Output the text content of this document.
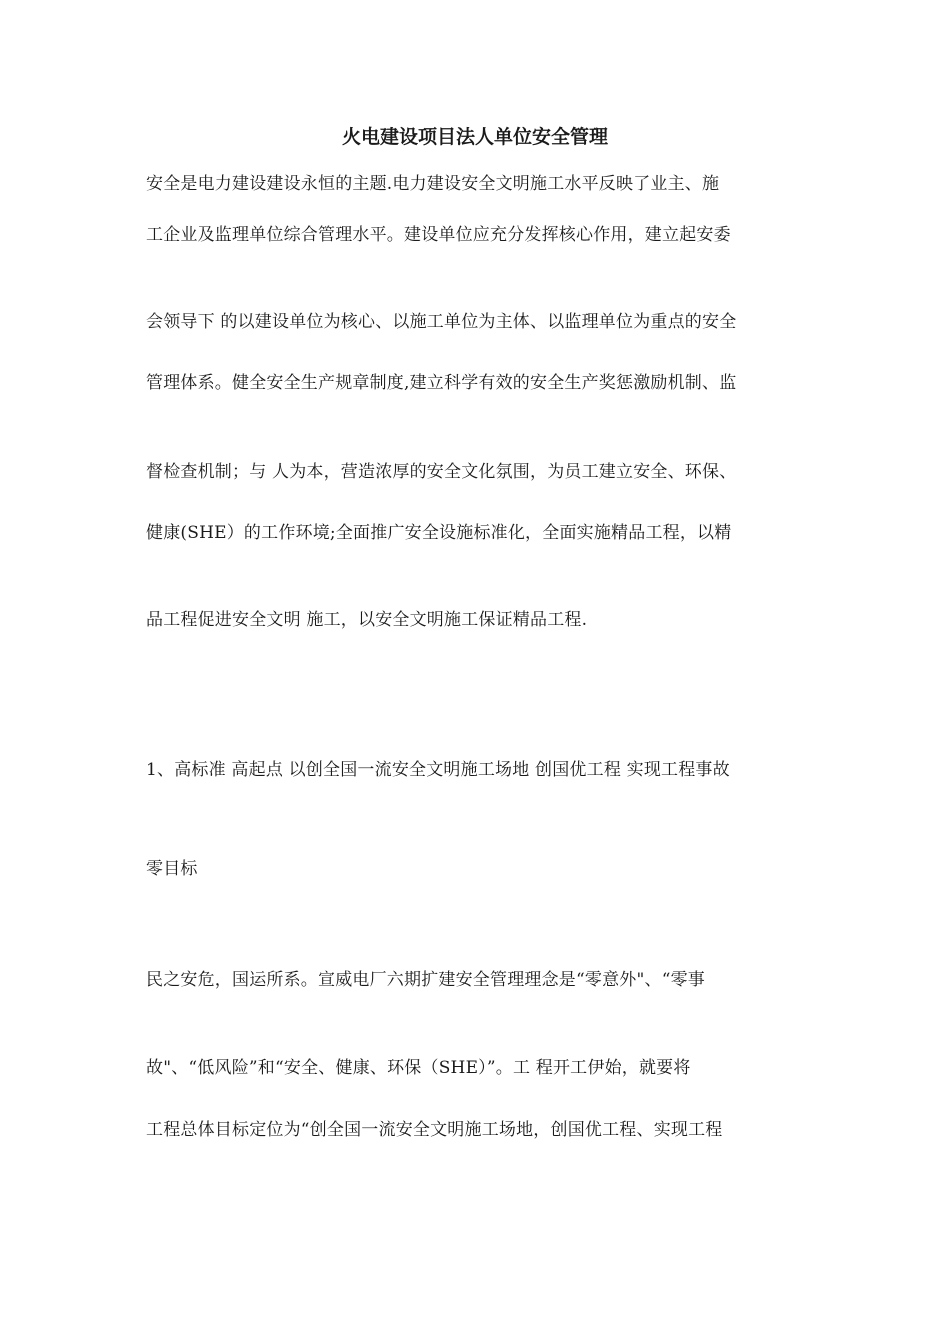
火电建设项目法人单位安全管理
安全是电力建设建设永恒的主题.电力建设安全文明施工水平反映了业主、施
工企业及监理单位综合管理水平。建设单位应充分发挥核心作用，建立起安委
会领导下 的以建设单位为核心、以施工单位为主体、以监理单位为重点的安全
管理体系。健全安全生产规章制度,建立科学有效的安全生产奖惩激励机制、监
督检查机制；与 人为本，营造浓厚的安全文化氛围，为员工建立安全、环保、
健康(SHE）的工作环境;全面推广安全设施标准化，全面实施精品工程，以精
品工程促进安全文明 施工，以安全文明施工保证精品工程.
1、高标准 高起点 以创全国一流安全文明施工场地 创国优工程 实现工程事故
零目标
民之安危，国运所系。宣威电厂六期扩建安全管理理念是“零意外"、“零事
故"、“低风险”和“安全、健康、环保（SHE）”。工 程开工伊始，就要将
工程总体目标定位为“创全国一流安全文明施工场地，创国优工程、实现工程
